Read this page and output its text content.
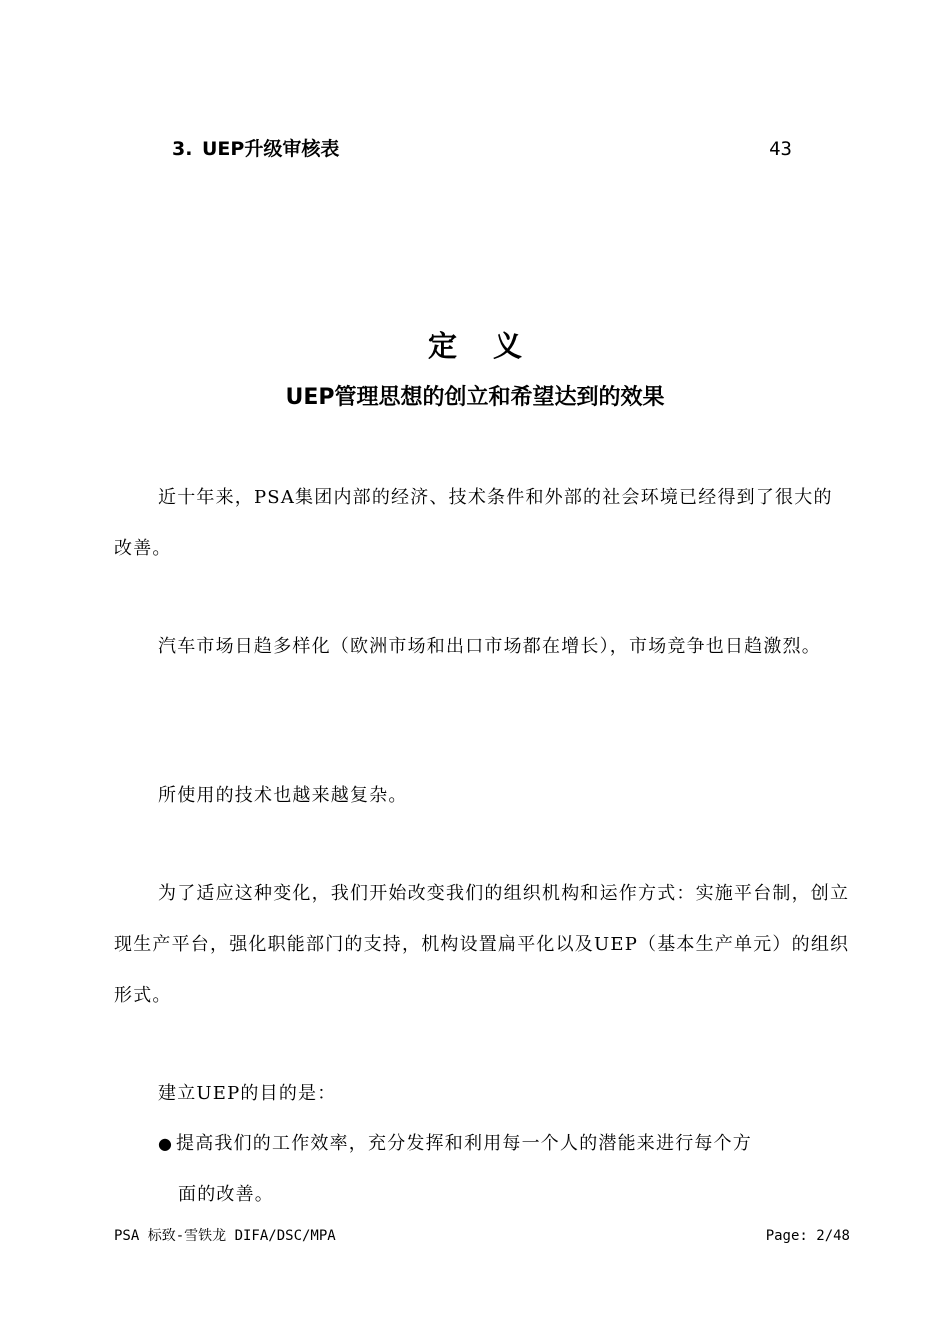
3. UEP升级审核表	43
定义
UEP管理思想的创立和希望达到的效果

近十年来，PSA集团内部的经济、技术条件和外部的社会环境已经得到了很大的改善。

汽车市场日趋多样化（欧洲市场和出口市场都在增长），市场竞争也日趋激烈。

所使用的技术也越来越复杂。

为了适应这种变化，我们开始改变我们的组织机构和运作方式：实施平台制，创立现生产平台，强化职能部门的支持，机构设置扁平化以及UEP（基本生产单元）的组织形式。

建立UEP的目的是：

● 提高我们的工作效率，充分发挥和利用每一个人的潜能来进行每个方
面的改善。
PSA 标致-雪铁龙 DIFA/DSC/MPA	Page: 2/48
